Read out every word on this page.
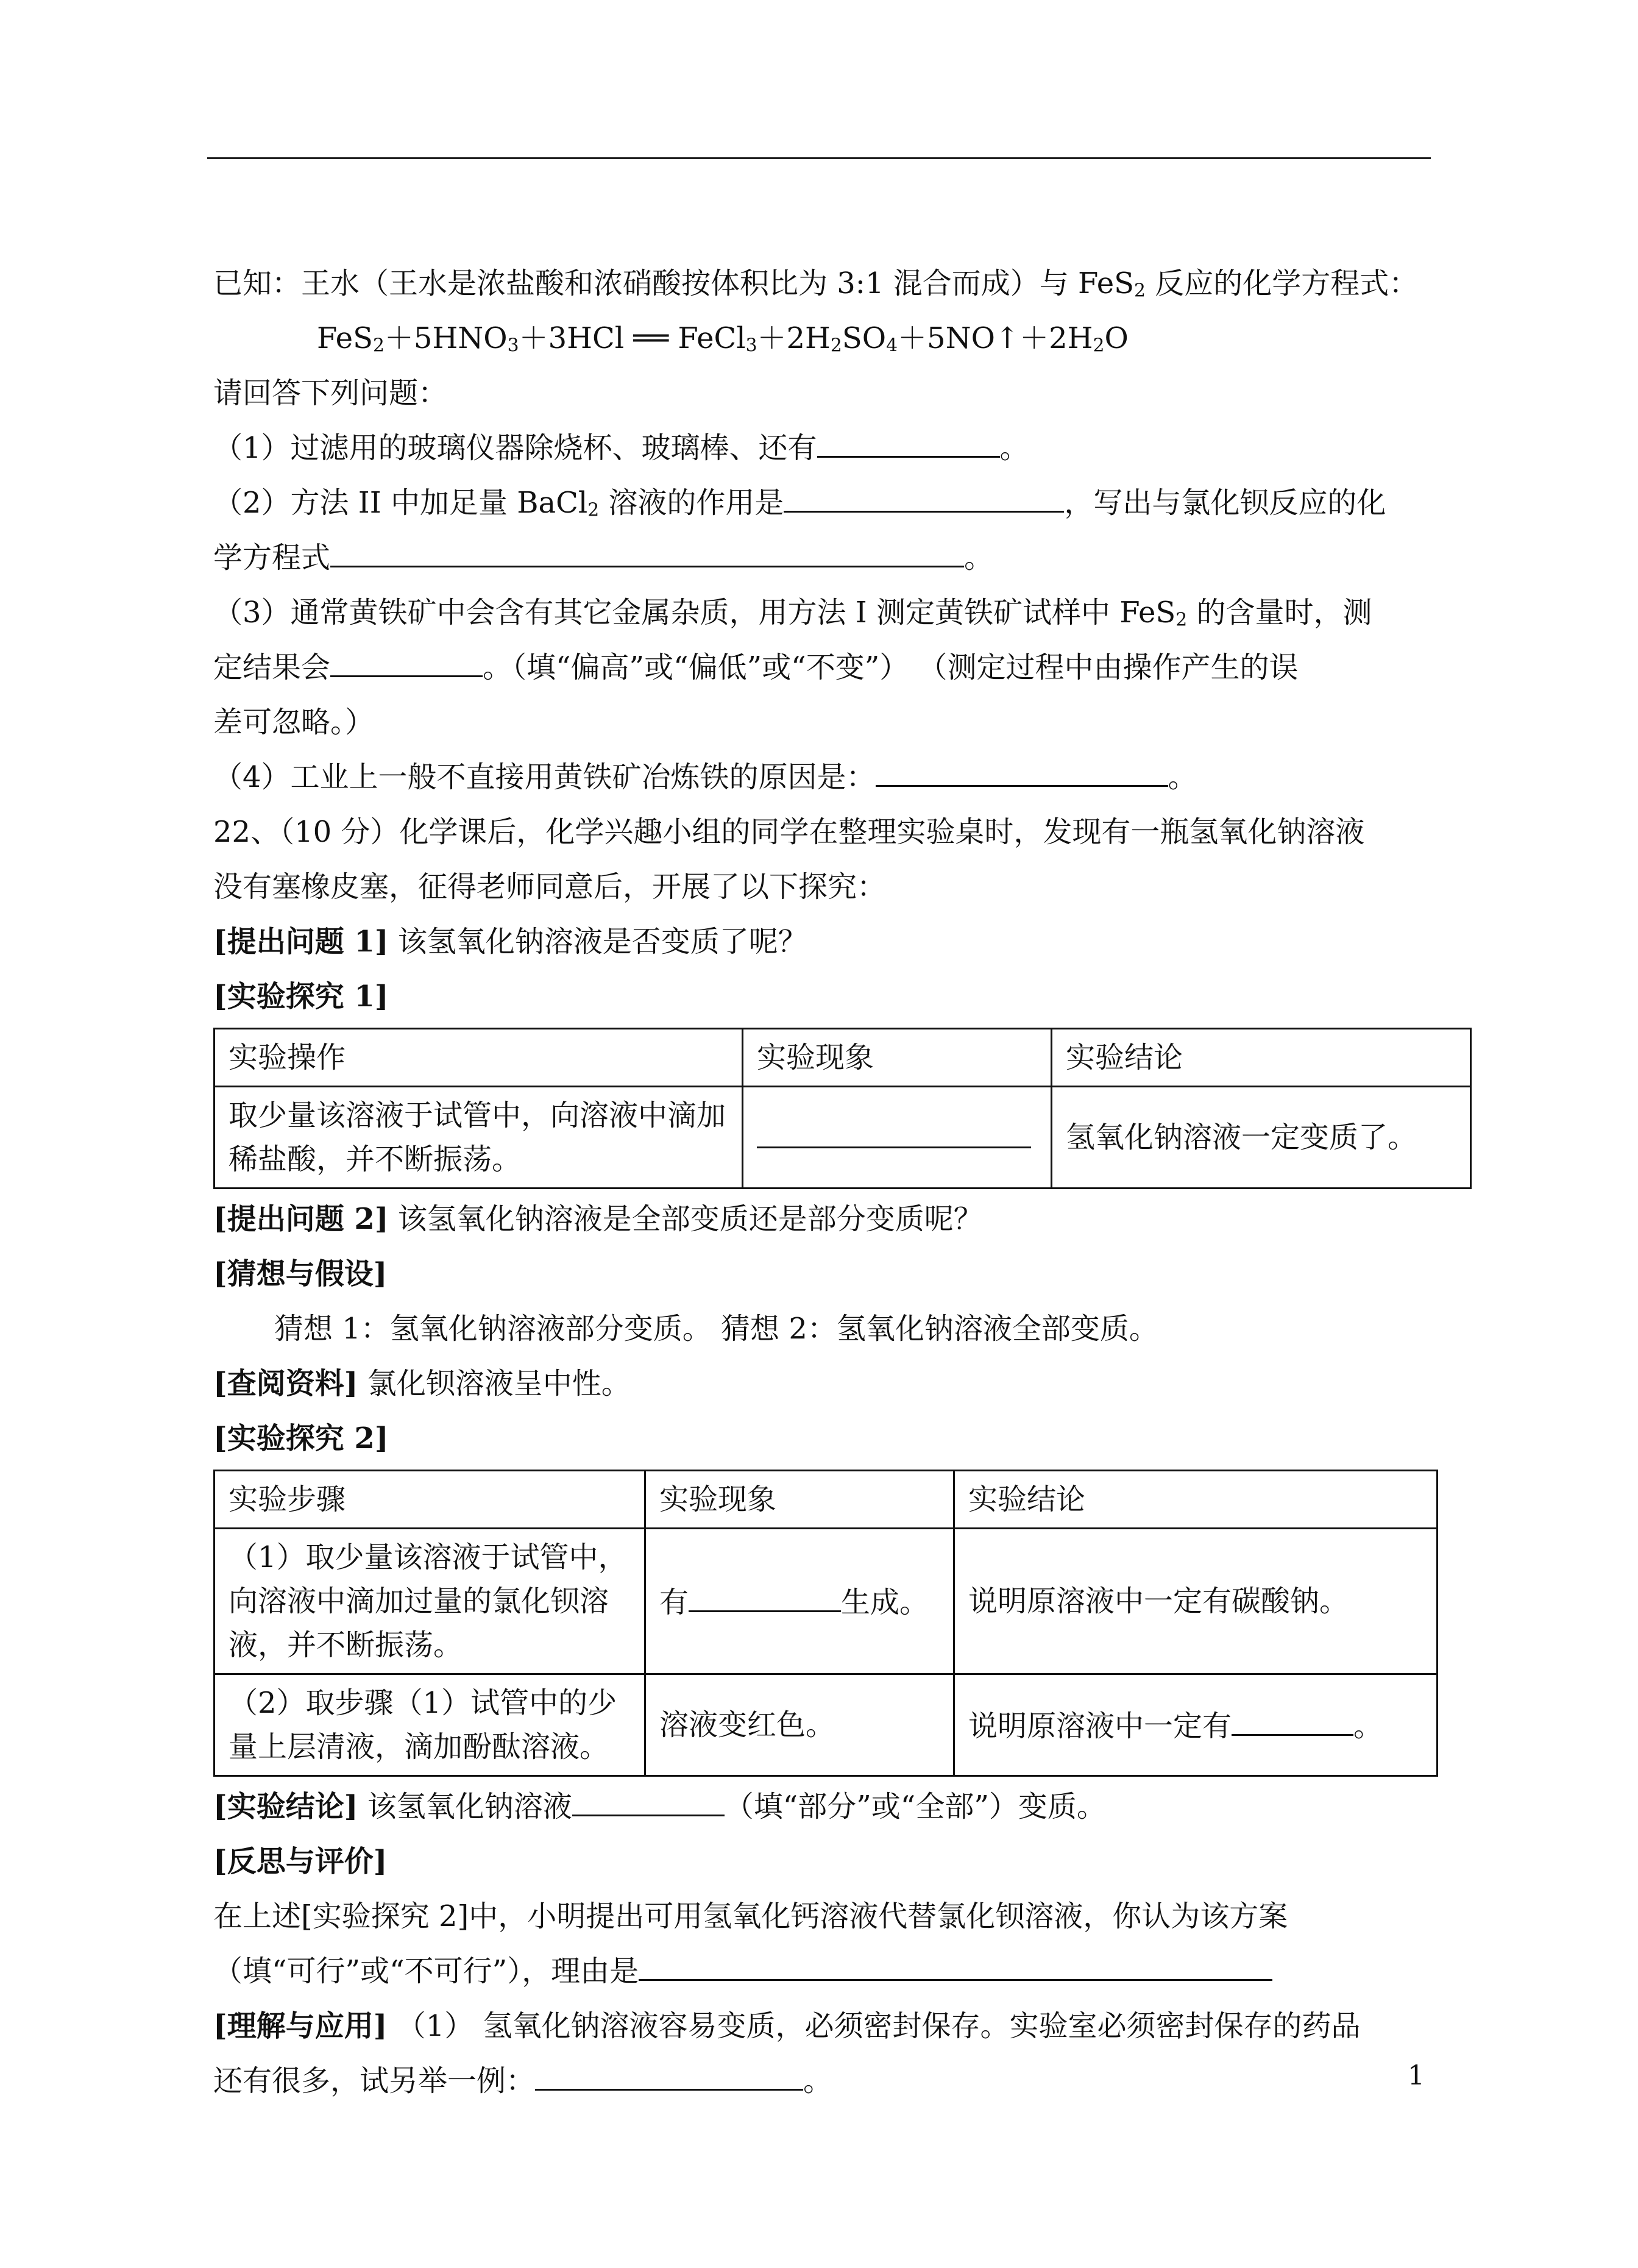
已知：王水（王水是浓盐酸和浓硝酸按体积比为 3:1 混合而成）与 FeS$_2$ 反应的化学方程式：
$FeS_2+5HNO_3+3HCl$ ══ $FeCl_3+2H_2SO_4+5NO↑+2H_2O$
请回答下列问题：
（1）过滤用的玻璃仪器除烧杯、玻璃棒、还有	。
（2）方法 II 中加足量 BaCl$_2$ 溶液的作用是	，写出与氯化钡反应的化
学方程式	。
（3）通常黄铁矿中会含有其它金属杂质，用方法 I 测定黄铁矿试样中 FeS$_2$ 的含量时，测
定结果会	。（填“偏高”或“偏低”或“不变”） （测定过程中由操作产生的误
差可忽略。）
（4）工业上一般不直接用黄铁矿冶炼铁的原因是：	。
22、（10 分）化学课后，化学兴趣小组的同学在整理实验桌时，发现有一瓶氢氧化钠溶液
没有塞橡皮塞，征得老师同意后，开展了以下探究：
[提出问题 1] 该氢氧化钠溶液是否变质了呢？
[实验探究 1]
实验操作	实验现象	实验结论
取少量该溶液于试管中，向溶液中滴加稀盐酸，并不断振荡。		氢氧化钠溶液一定变质了。
[提出问题 2] 该氢氧化钠溶液是全部变质还是部分变质呢？
[猜想与假设]
猜想 1：氢氧化钠溶液部分变质。 猜想 2：氢氧化钠溶液全部变质。
[查阅资料] 氯化钡溶液呈中性。
[实验探究 2]
实验步骤	实验现象	实验结论
（1）取少量该溶液于试管中，向溶液中滴加过量的氯化钡溶液，并不断振荡。	有 生成。	说明原溶液中一定有碳酸钠。
（2）取步骤（1）试管中的少量上层清液，滴加酚酞溶液。	溶液变红色。	说明原溶液中一定有 。
[实验结论] 该氢氧化钠溶液	（填“部分”或“全部”）变质。
[反思与评价]
在上述[实验探究 2]中，小明提出可用氢氧化钙溶液代替氯化钡溶液，你认为该方案
（填“可行”或“不可行”），理由是
[理解与应用] （1） 氢氧化钠溶液容易变质，必须密封保存。实验室必须密封保存的药品
还有很多，试另举一例：	。	1
